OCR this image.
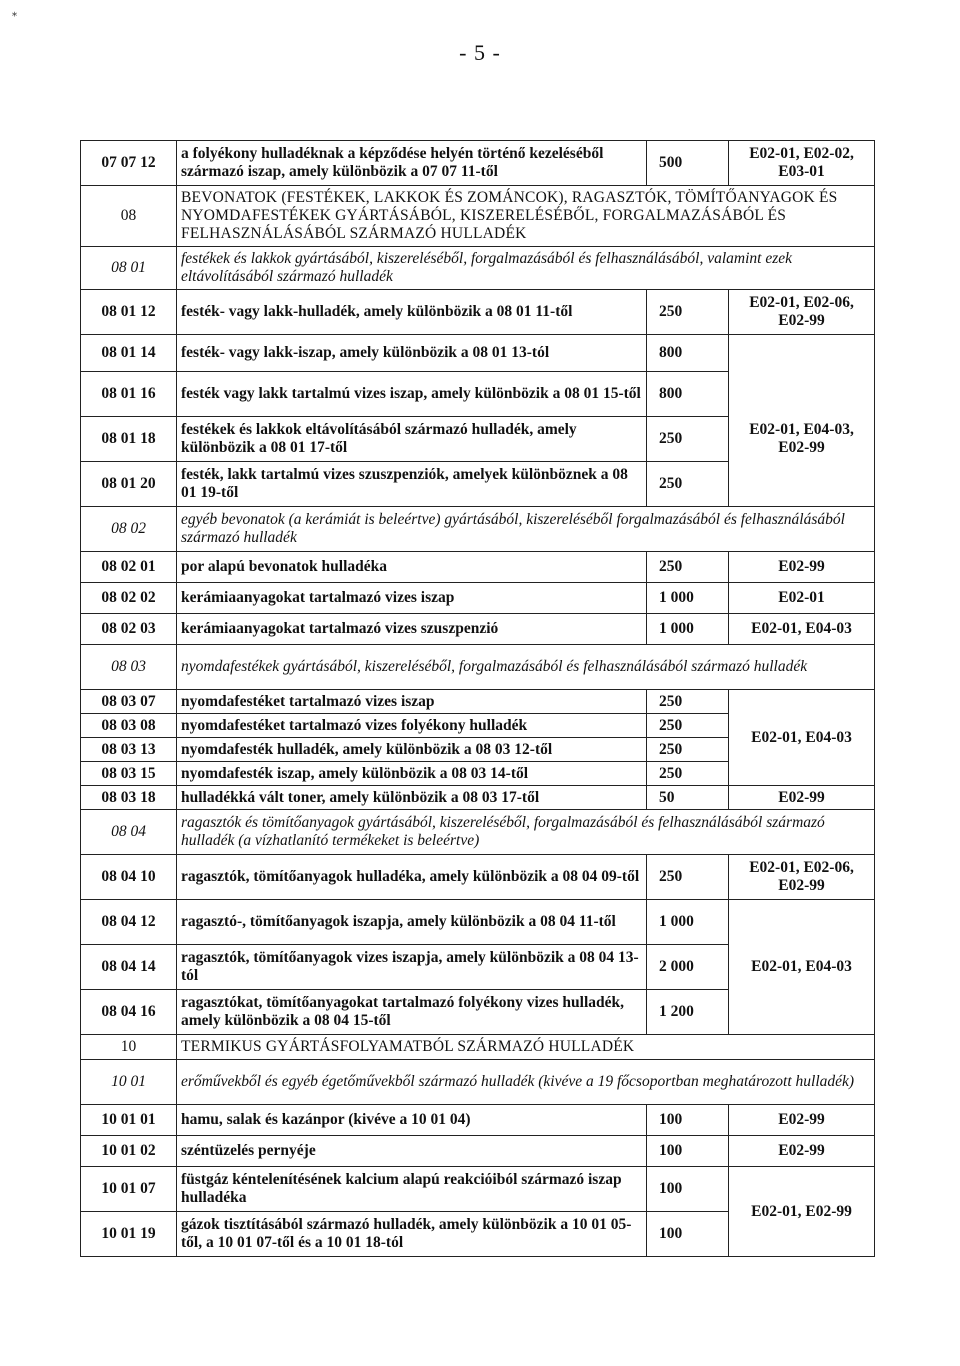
⁎
- 5 -
07 07 12	a folyékony hulladéknak a képződése helyén történő kezeléséből származó iszap, amely különbözik a 07 07 11-től	500	E02-01, E02-02, E03-01
08	BEVONATOK (FESTÉKEK, LAKKOK ÉS ZOMÁNCOK), RAGASZTÓK, TÖMÍTŐANYAGOK ÉS NYOMDAFESTÉKEK GYÁRTÁSÁBÓL, KISZERELÉSÉBŐL, FORGALMAZÁSÁBÓL ÉS FELHASZNÁLÁSÁBÓL SZÁRMAZÓ HULLADÉK		
08 01	festékek és lakkok gyártásából, kiszereléséből, forgalmazásából és felhasználásából, valamint ezek eltávolításából származó hulladék		
08 01 12	festék- vagy lakk-hulladék, amely különbözik a 08 01 11-től	250	E02-01, E02-06, E02-99
08 01 14	festék- vagy lakk-iszap, amely különbözik a 08 01 13-tól	800	
08 01 16	festék vagy lakk tartalmú vizes iszap, amely különbözik a 08 01 15-től	800	E02-01, E04-03, E02-99
08 01 18	festékek és lakkok eltávolításából származó hulladék, amely különbözik a 08 01 17-től	250	
08 01 20	festék, lakk tartalmú vizes szuszpenziók, amelyek különböznek a 08 01 19-től	250	
08 02	egyéb bevonatok (a kerámiát is beleértve) gyártásából, kiszereléséből forgalmazásából és felhasználásából származó hulladék		
08 02 01	por alapú bevonatok hulladéka	250	E02-99
08 02 02	kerámiaanyagokat tartalmazó vizes iszap	1 000	E02-01
08 02 03	kerámiaanyagokat tartalmazó vizes szuszpenzió	1 000	E02-01, E04-03
08 03	nyomdafestékek gyártásából, kiszereléséből, forgalmazásából és felhasználásából származó hulladék		
08 03 07	nyomdafestéket tartalmazó vizes iszap	250	E02-01, E04-03
08 03 08	nyomdafestéket tartalmazó vizes folyékony hulladék	250	
08 03 13	nyomdafesték hulladék, amely különbözik a 08 03 12-től	250	
08 03 15	nyomdafesték iszap, amely különbözik a 08 03 14-től	250	
08 03 18	hulladékká vált toner, amely különbözik a 08 03 17-től	50	E02-99
08 04	ragasztók és tömítőanyagok gyártásából, kiszereléséből, forgalmazásából és felhasználásából származó hulladék (a vízhatlanító termékeket is beleértve)		
08 04 10	ragasztók, tömítőanyagok hulladéka, amely különbözik a 08 04 09-től	250	E02-01, E02-06, E02-99
08 04 12	ragasztó-, tömítőanyagok iszapja, amely különbözik a 08 04 11-től	1 000	E02-01, E04-03
08 04 14	ragasztók, tömítőanyagok vizes iszapja, amely különbözik a 08 04 13-tól	2 000	
08 04 16	ragasztókat, tömítőanyagokat tartalmazó folyékony vizes hulladék, amely különbözik a 08 04 15-től	1 200	
10	TERMIKUS GYÁRTÁSFOLYAMATBÓL SZÁRMAZÓ HULLADÉK		
10 01	erőművekből és egyéb égetőművekből származó hulladék (kivéve a 19 főcsoportban meghatározott hulladék)		
10 01 01	hamu, salak és kazánpor (kivéve a 10 01 04)	100	E02-99
10 01 02	széntüzelés pernyéje	100	E02-99
10 01 07	füstgáz kéntelenítésének kalcium alapú reakcióiból származó iszap hulladéka	100	E02-01, E02-99
10 01 19	gázok tisztításából származó hulladék, amely különbözik a 10 01 05-től, a 10 01 07-től és a 10 01 18-tól	100	
